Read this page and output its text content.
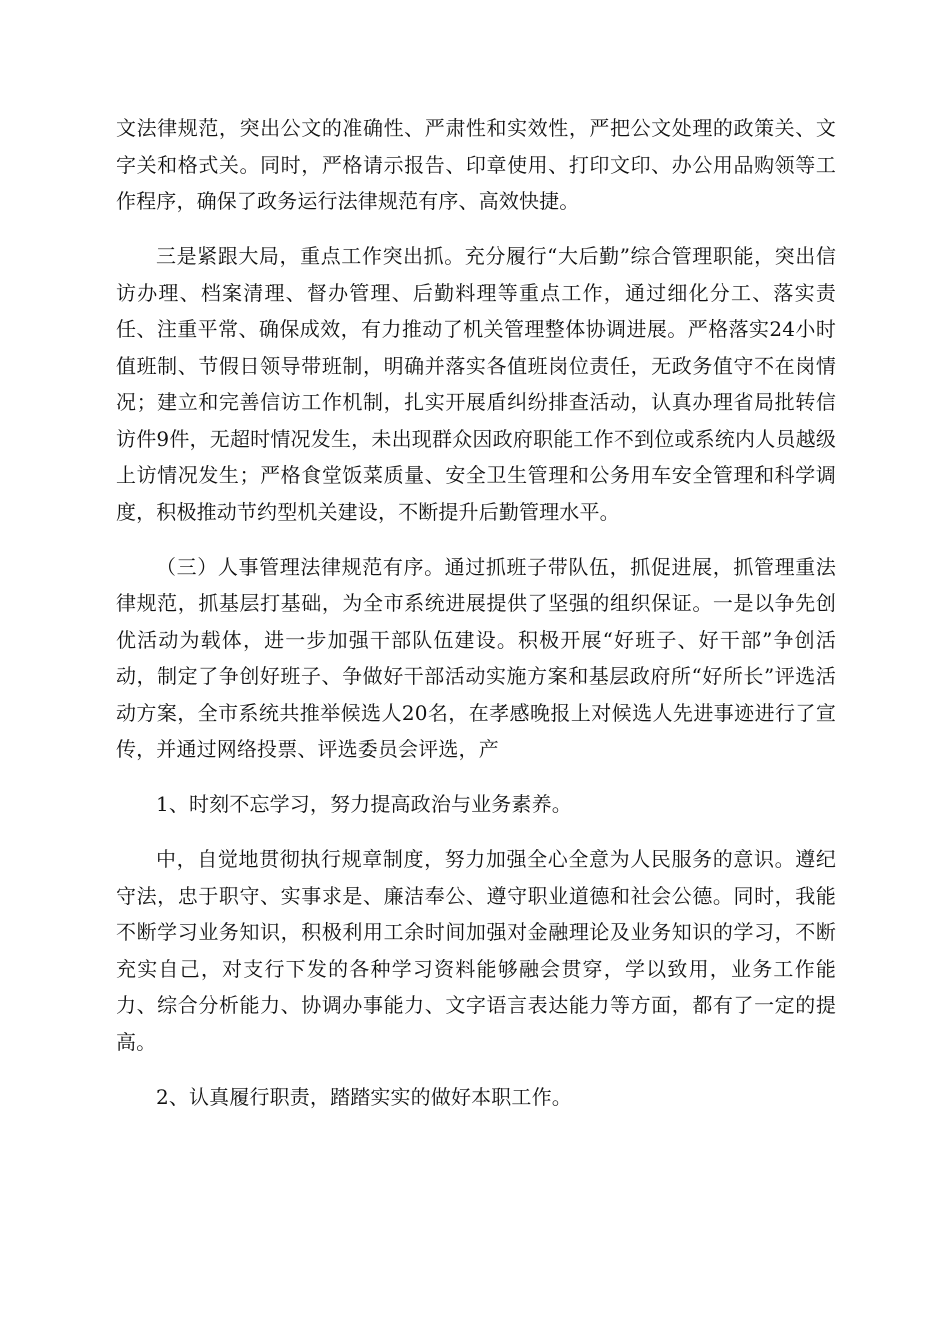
文法律规范，突出公文的准确性、严肃性和实效性，严把公文处理的政策关、文字关和格式关。同时，严格请示报告、印章使用、打印文印、办公用品购领等工作程序，确保了政务运行法律规范有序、高效快捷。

三是紧跟大局，重点工作突出抓。充分履行“大后勤”综合管理职能，突出信访办理、档案清理、督办管理、后勤料理等重点工作，通过细化分工、落实责任、注重平常、确保成效，有力推动了机关管理整体协调进展。严格落实24小时值班制、节假日领导带班制，明确并落实各值班岗位责任，无政务值守不在岗情况；建立和完善信访工作机制，扎实开展盾纠纷排查活动，认真办理省局批转信访件9件，无超时情况发生，未出现群众因政府职能工作不到位或系统内人员越级上访情况发生；严格食堂饭菜质量、安全卫生管理和公务用车安全管理和科学调度，积极推动节约型机关建设，不断提升后勤管理水平。

（三）人事管理法律规范有序。通过抓班子带队伍，抓促进展，抓管理重法律规范，抓基层打基础，为全市系统进展提供了坚强的组织保证。一是以争先创优活动为载体，进一步加强干部队伍建设。积极开展“好班子、好干部”争创活动，制定了争创好班子、争做好干部活动实施方案和基层政府所“好所长”评选活动方案，全市系统共推举候选人20名，在孝感晚报上对候选人先进事迹进行了宣传，并通过网络投票、评选委员会评选，产

1、时刻不忘学习，努力提高政治与业务素养。

中，自觉地贯彻执行规章制度，努力加强全心全意为人民服务的意识。遵纪守法，忠于职守、实事求是、廉洁奉公、遵守职业道德和社会公德。同时，我能不断学习业务知识，积极利用工余时间加强对金融理论及业务知识的学习，不断充实自己，对支行下发的各种学习资料能够融会贯穿，学以致用，业务工作能力、综合分析能力、协调办事能力、文字语言表达能力等方面，都有了一定的提高。

2、认真履行职责，踏踏实实的做好本职工作。
